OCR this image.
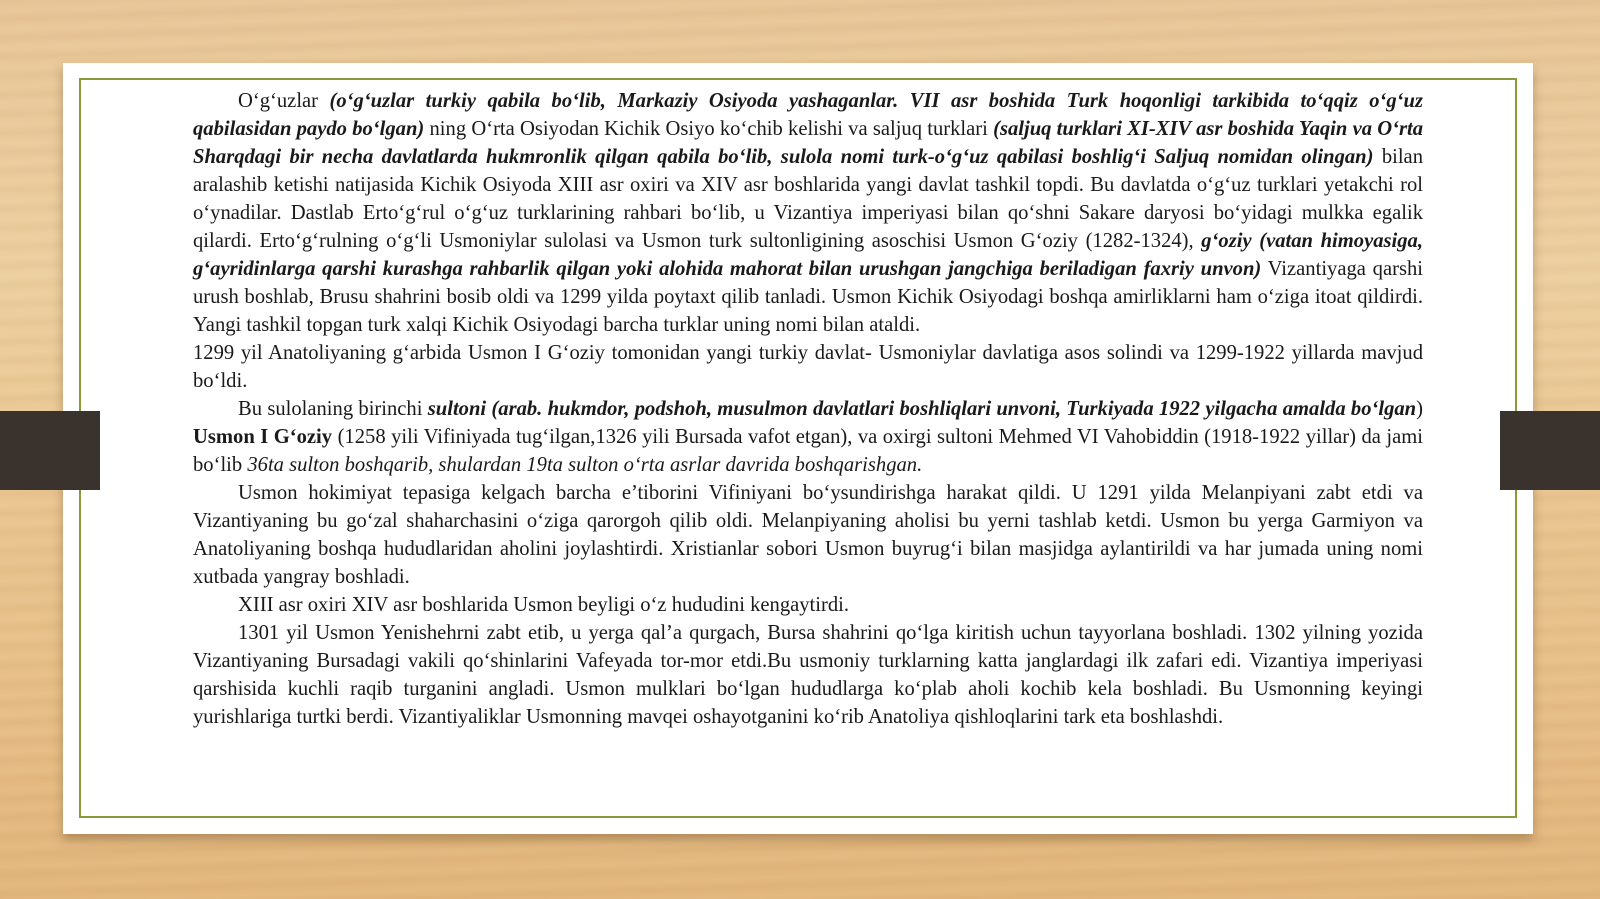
O‘g‘uzlar (o‘g‘uzlar turkiy qabila bo‘lib, Markaziy Osiyoda yashaganlar. VII asr boshida Turk hoqonligi tarkibida to‘qqiz o‘g‘uz qabilasidan paydo bo‘lgan) ning O‘rta Osiyodan Kichik Osiyo ko‘chib kelishi va saljuq turklari (saljuq turklari XI-XIV asr boshida Yaqin va O‘rta Sharqdagi bir necha davlatlarda hukmronlik qilgan qabila bo‘lib, sulola nomi turk-o‘g‘uz qabilasi boshlig‘i Saljuq nomidan olingan) bilan aralashib ketishi natijasida Kichik Osiyoda XIII asr oxiri va XIV asr boshlarida yangi davlat tashkil topdi. Bu davlatda o‘g‘uz turklari yetakchi rol o‘ynadilar. Dastlab Erto‘g‘rul o‘g‘uz turklarining rahbari bo‘lib, u Vizantiya imperiyasi bilan qo‘shni Sakare daryosi bo‘yidagi mulkka egalik qilardi. Erto‘g‘rulning o‘g‘li Usmoniylar sulolasi va Usmon turk sultonligining asoschisi Usmon G‘oziy (1282-1324), g‘oziy (vatan himoyasiga, g‘ayridinlarga qarshi kurashga rahbarlik qilgan yoki alohida mahorat bilan urushgan jangchiga beriladigan faxriy unvon) Vizantiyaga qarshi urush boshlab, Brusu shahrini bosib oldi va 1299 yilda poytaxt qilib tanladi. Usmon Kichik Osiyodagi boshqa amirliklarni ham o‘ziga itoat qildirdi. Yangi tashkil topgan turk xalqi Kichik Osiyodagi barcha turklar uning nomi bilan ataldi.

1299 yil Anatoliyaning g‘arbida Usmon I G‘oziy tomonidan yangi turkiy davlat- Usmoniylar davlatiga asos solindi va 1299-1922 yillarda mavjud bo‘ldi.

Bu sulolaning birinchi sultoni (arab. hukmdor, podshoh, musulmon davlatlari boshliqlari unvoni, Turkiyada 1922 yilgacha amalda bo‘lgan) Usmon I G‘oziy (1258 yili Vifiniyada tug‘ilgan,1326 yili Bursada vafot etgan), va oxirgi sultoni Mehmed VI Vahobiddin (1918-1922 yillar) da jami bo‘lib 36ta sulton boshqarib, shulardan 19ta sulton o‘rta asrlar davrida boshqarishgan.

Usmon hokimiyat tepasiga kelgach barcha e’tiborini Vifiniyani bo‘ysundirishga harakat qildi. U 1291 yilda Melanpiyani zabt etdi va Vizantiyaning bu go‘zal shaharchasini o‘ziga qarorgoh qilib oldi. Melanpiyaning aholisi bu yerni tashlab ketdi. Usmon bu yerga Garmiyon va Anatoliyaning boshqa hududlaridan aholini joylashtirdi. Xristianlar sobori Usmon buyrug‘i bilan masjidga aylantirildi va har jumada uning nomi xutbada yangray boshladi.

XIII asr oxiri XIV asr boshlarida Usmon beyligi o‘z hududini kengaytirdi.

1301 yil Usmon Yenishehrni zabt etib, u yerga qal’a qurgach, Bursa shahrini qo‘lga kiritish uchun tayyorlana boshladi. 1302 yilning yozida Vizantiyaning Bursadagi vakili qo‘shinlarini Vafeyada tor-mor etdi.Bu usmoniy turklarning katta janglardagi ilk zafari edi. Vizantiya imperiyasi qarshisida kuchli raqib turganini angladi. Usmon mulklari bo‘lgan hududlarga ko‘plab aholi kochib kela boshladi. Bu Usmonning keyingi yurishlariga turtki berdi. Vizantiyaliklar Usmonning mavqei oshayotganini ko‘rib Anatoliya qishloqlarini tark eta boshlashdi.
